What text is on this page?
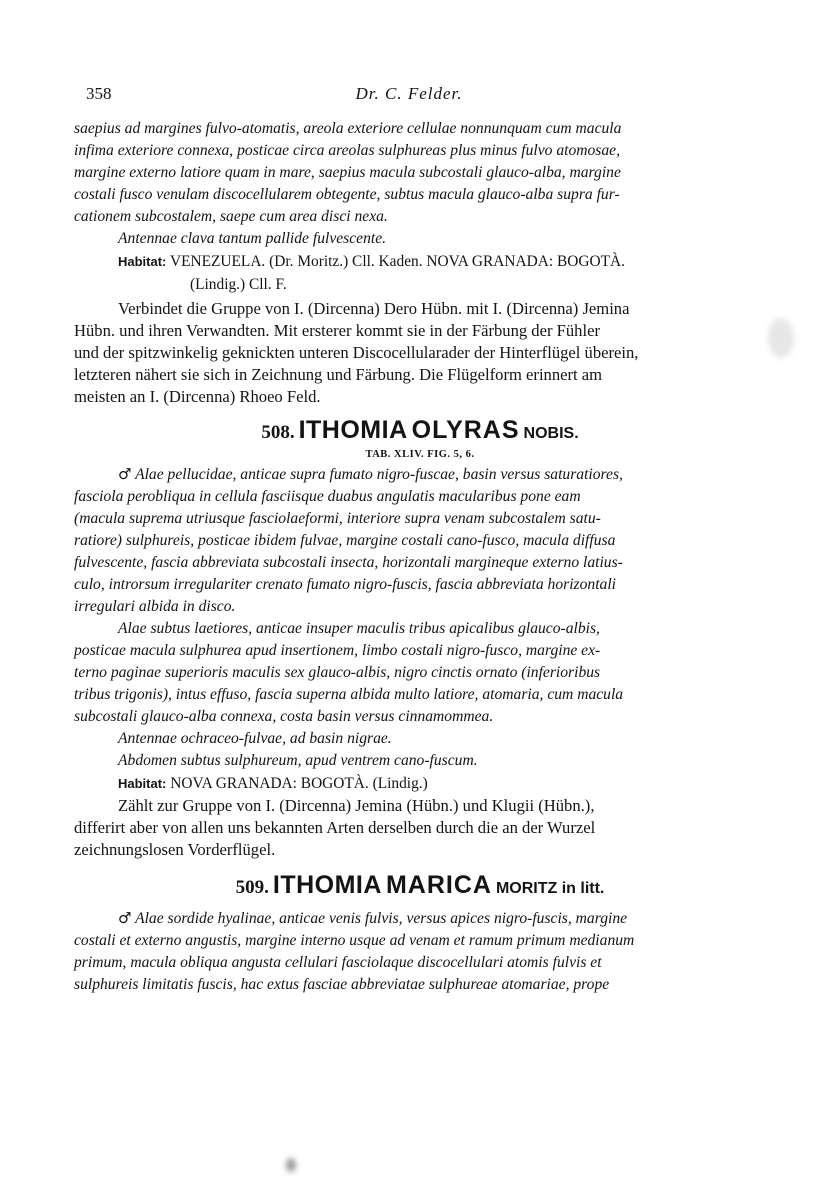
358	Dr. C. Felder.

saepius ad margines fulvo-atomatis, areola exteriore cellulae nonnunquam cum macula

infima exteriore connexa, posticae circa areolas sulphureas plus minus fulvo atomosae,

margine externo latiore quam in mare, saepius macula subcostali glauco-alba, margine

costali fusco venulam discocellularem obtegente, subtus macula glauco-alba supra fur-

cationem subcostalem, saepe cum area disci nexa.

Antennae clava tantum pallide fulvescente.

Habitat: VENEZUELA. (Dr. Moritz.) Cll. Kaden. NOVA GRANADA: BOGOTÀ.
(Lindig.) Cll. F.

Verbindet die Gruppe von I. (Dircenna) Dero Hübn. mit I. (Dircenna) Jemina

Hübn. und ihren Verwandten. Mit ersterer kommt sie in der Färbung der Fühler

und der spitzwinkelig geknickten unteren Discocellularader der Hinterflügel überein,

letzteren nähert sie sich in Zeichnung und Färbung. Die Flügelform erinnert am

meisten an I. (Dircenna) Rhoeo Feld.

508. ITHOMIA OLYRAS NOBIS.
TAB. XLIV. FIG. 5, 6.

♂ Alae pellucidae, anticae supra fumato nigro-fuscae, basin versus saturatiores,

fasciola perobliqua in cellula fasciisque duabus angulatis macularibus pone eam

(macula suprema utriusque fasciolaeformi, interiore supra venam subcostalem satu-

ratiore) sulphureis, posticae ibidem fulvae, margine costali cano-fusco, macula diffusa

fulvescente, fascia abbreviata subcostali insecta, horizontali margineque externo latius-

culo, introrsum irregulariter crenato fumato nigro-fuscis, fascia abbreviata horizontali

irregulari albida in disco.

Alae subtus laetiores, anticae insuper maculis tribus apicalibus glauco-albis,

posticae macula sulphurea apud insertionem, limbo costali nigro-fusco, margine ex-

terno paginae superioris maculis sex glauco-albis, nigro cinctis ornato (inferioribus

tribus trigonis), intus effuso, fascia superna albida multo latiore, atomaria, cum macula

subcostali glauco-alba connexa, costa basin versus cinnamommea.

Antennae ochraceo-fulvae, ad basin nigrae.

Abdomen subtus sulphureum, apud ventrem cano-fuscum.

Habitat: NOVA GRANADA: BOGOTÀ. (Lindig.)

Zählt zur Gruppe von I. (Dircenna) Jemina (Hübn.) und Klugii (Hübn.),

differirt aber von allen uns bekannten Arten derselben durch die an der Wurzel

zeichnungslosen Vorderflügel.

509. ITHOMIA MARICA MORITZ in litt.

♂ Alae sordide hyalinae, anticae venis fulvis, versus apices nigro-fuscis, margine

costali et externo angustis, margine interno usque ad venam et ramum primum medianum

primum, macula obliqua angusta cellulari fasciolaque discocellulari atomis fulvis et

sulphureis limitatis fuscis, hac extus fasciae abbreviatae sulphureae atomariae, prope
